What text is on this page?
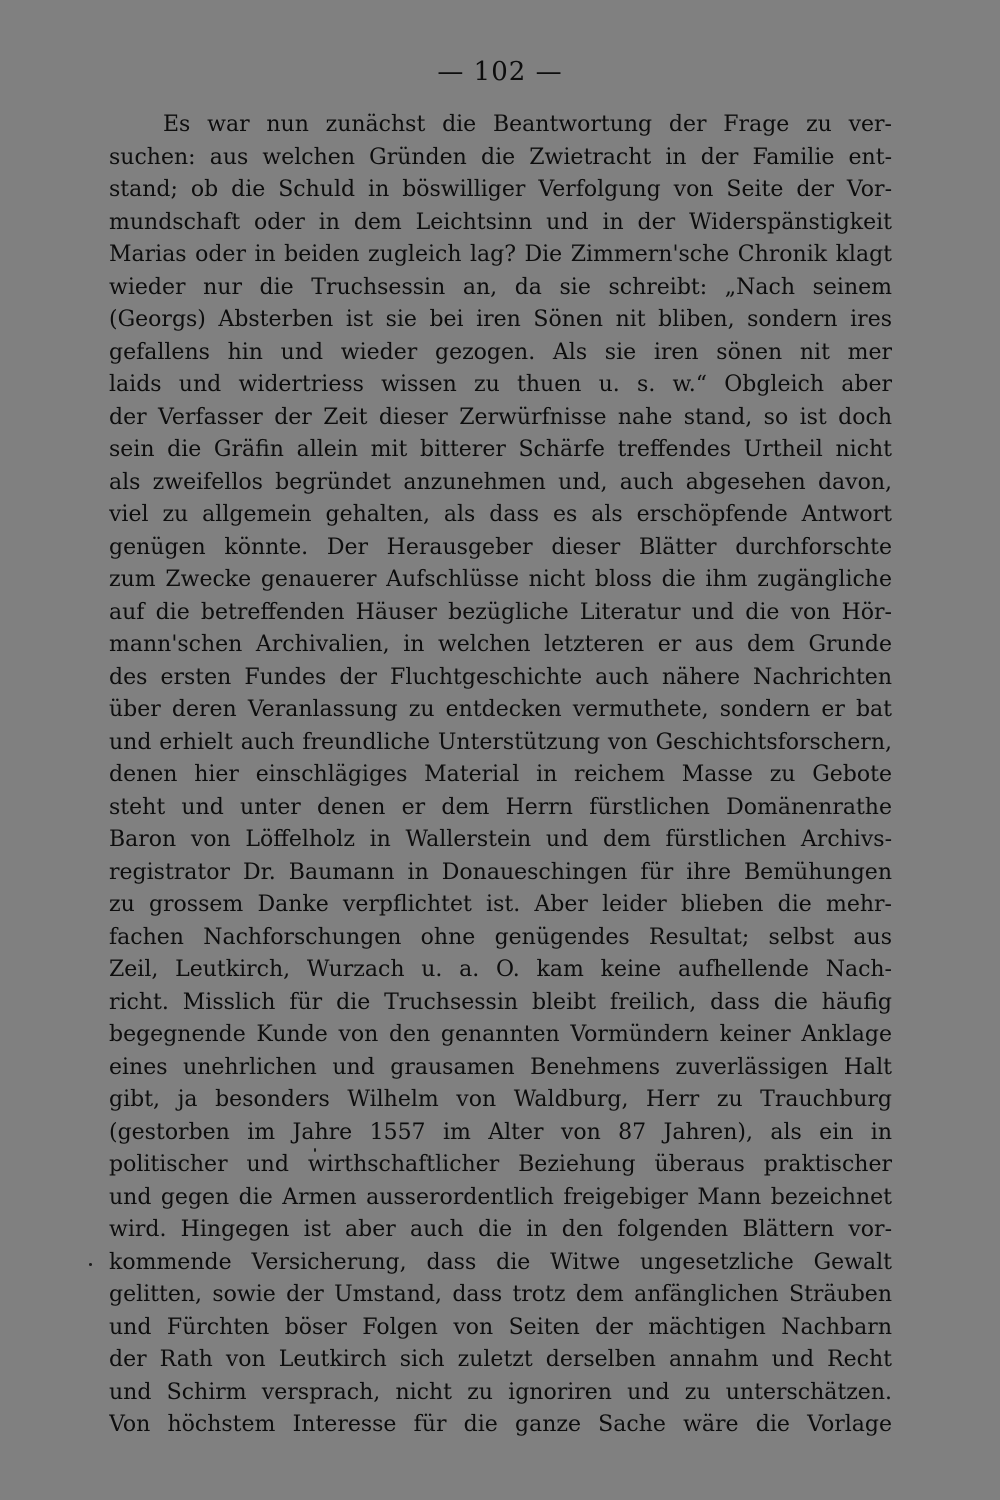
— 102 —
Es war nun zunächst die Beantwortung der Frage zu ver-
suchen: aus welchen Gründen die Zwietracht in der Familie ent-
stand; ob die Schuld in böswilliger Verfolgung von Seite der Vor-
mundschaft oder in dem Leichtsinn und in der Widerspänstigkeit
Marias oder in beiden zugleich lag? Die Zimmern'sche Chronik klagt
wieder nur die Truchsessin an, da sie schreibt: „Nach seinem
(Georgs) Absterben ist sie bei iren Sönen nit bliben, sondern ires
gefallens hin und wieder gezogen. Als sie iren sönen nit mer
laids und widertriess wissen zu thuen u. s. w.“ Obgleich aber
der Verfasser der Zeit dieser Zerwürfnisse nahe stand, so ist doch
sein die Gräfin allein mit bitterer Schärfe treffendes Urtheil nicht
als zweifellos begründet anzunehmen und, auch abgesehen davon,
viel zu allgemein gehalten, als dass es als erschöpfende Antwort
genügen könnte. Der Herausgeber dieser Blätter durchforschte
zum Zwecke genauerer Aufschlüsse nicht bloss die ihm zugängliche
auf die betreffenden Häuser bezügliche Literatur und die von Hör-
mann'schen Archivalien, in welchen letzteren er aus dem Grunde
des ersten Fundes der Fluchtgeschichte auch nähere Nachrichten
über deren Veranlassung zu entdecken vermuthete, sondern er bat
und erhielt auch freundliche Unterstützung von Geschichtsforschern,
denen hier einschlägiges Material in reichem Masse zu Gebote
steht und unter denen er dem Herrn fürstlichen Domänenrathe
Baron von Löffelholz in Wallerstein und dem fürstlichen Archivs-
registrator Dr. Baumann in Donaueschingen für ihre Bemühungen
zu grossem Danke verpflichtet ist. Aber leider blieben die mehr-
fachen Nachforschungen ohne genügendes Resultat; selbst aus
Zeil, Leutkirch, Wurzach u. a. O. kam keine aufhellende Nach-
richt. Misslich für die Truchsessin bleibt freilich, dass die häufig
begegnende Kunde von den genannten Vormündern keiner Anklage
eines unehrlichen und grausamen Benehmens zuverlässigen Halt
gibt, ja besonders Wilhelm von Waldburg, Herr zu Trauchburg
(gestorben im Jahre 1557 im Alter von 87 Jahren), als ein in
politischer und wirthschaftlicher Beziehung überaus praktischer
und gegen die Armen ausserordentlich freigebiger Mann bezeichnet
wird. Hingegen ist aber auch die in den folgenden Blättern vor-
kommende Versicherung, dass die Witwe ungesetzliche Gewalt
gelitten, sowie der Umstand, dass trotz dem anfänglichen Sträuben
und Fürchten böser Folgen von Seiten der mächtigen Nachbarn
der Rath von Leutkirch sich zuletzt derselben annahm und Recht
und Schirm versprach, nicht zu ignoriren und zu unterschätzen.
Von höchstem Interesse für die ganze Sache wäre die Vorlage
